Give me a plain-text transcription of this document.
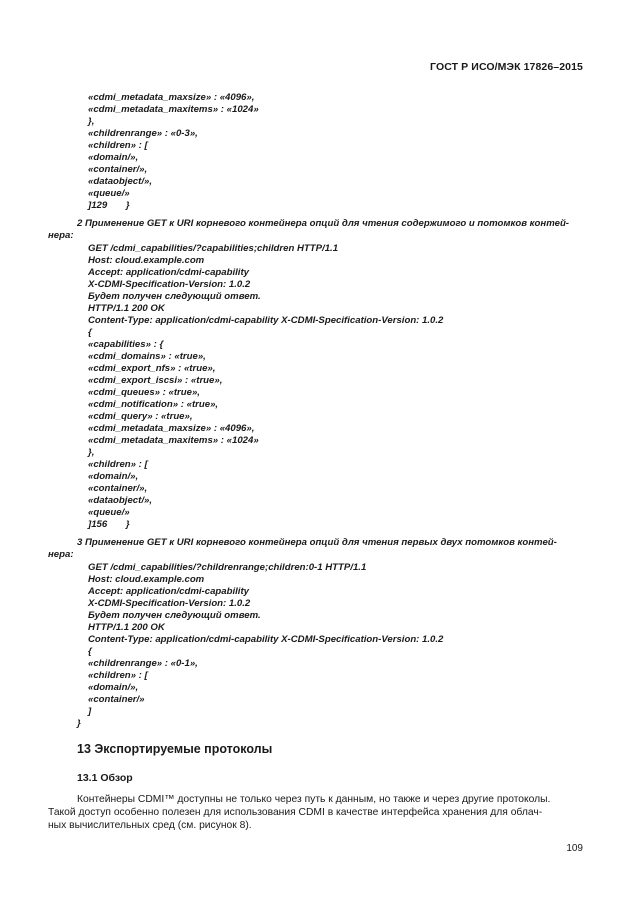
ГОСТ Р ИСО/МЭК 17826–2015
«cdmi_metadata_maxsize» : «4096»,
«cdmi_metadata_maxitems» : «1024»
},
«childrenrange» : «0-3»,
«children» : [
«domain/»,
«container/»,
«dataobject/»,
«queue/»
]129       }
2 Применение GET к URI корневого контейнера опций для чтения содержимого и потомков контей-
нера:
GET /cdmi_capabilities/?capabilities;children HTTP/1.1
Host: cloud.example.com
Accept: application/cdmi-capability
X-CDMI-Specification-Version: 1.0.2
Будет получен следующий ответ.
HTTP/1.1 200 OK
Content-Type: application/cdmi-capability X-CDMI-Specification-Version: 1.0.2
{
«capabilities» : {
«cdmi_domains» : «true»,
«cdmi_export_nfs» : «true»,
«cdmi_export_iscsi» : «true»,
«cdmi_queues» : «true»,
«cdmi_notification» : «true»,
«cdmi_query» : «true»,
«cdmi_metadata_maxsize» : «4096»,
«cdmi_metadata_maxitems» : «1024»
},
«children» : [
«domain/»,
«container/»,
«dataobject/»,
«queue/»
]156       }
3 Применение GET к URI корневого контейнера опций для чтения первых двух потомков контей-
нера:
GET /cdmi_capabilities/?childrenrange;children:0-1 HTTP/1.1
Host: cloud.example.com
Accept: application/cdmi-capability
X-CDMI-Specification-Version: 1.0.2
Будет получен следующий ответ.
HTTP/1.1 200 OK
Content-Type: application/cdmi-capability X-CDMI-Specification-Version: 1.0.2
{
«childrenrange» : «0-1»,
«children» : [
«domain/»,
«container/»
]
}
13 Экспортируемые протоколы
13.1 Обзор
Контейнеры CDMI™ доступны не только через путь к данным, но также и через другие протоколы.
Такой доступ особенно полезен для использования CDMI в качестве интерфейса хранения для облач-
ных вычислительных сред (см. рисунок 8).
109
